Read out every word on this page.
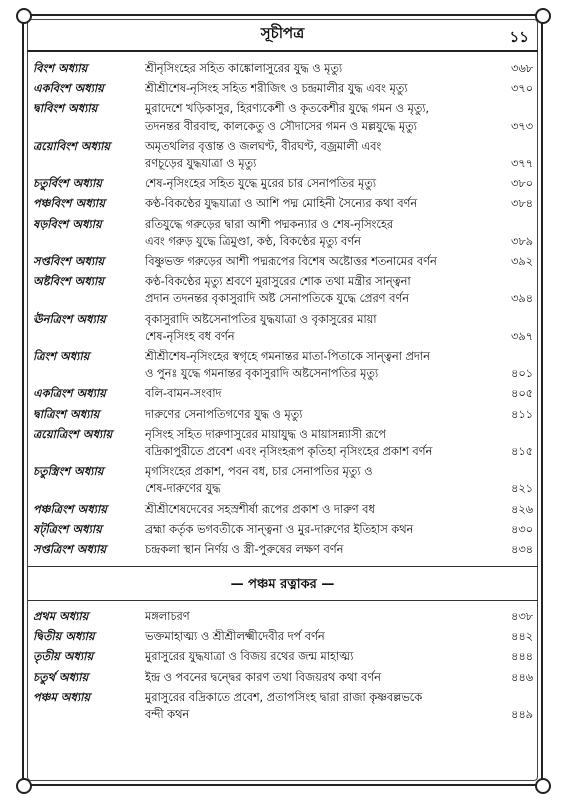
সূচীপত্র	১১
বিংশ অধ্যায়	শ্রীনৃসিংহের সহিত কাঙ্কোলাসুরের যুদ্ধ ও মৃত্যু	৩৬৮
একবিংশ অধ্যায়	শ্রীশ্রীশেষ-নৃসিংহ সহিত শরীজিৎ ও চন্দ্রমালীর যুদ্ধ এবং মৃত্যু	৩৭০
দ্বাবিংশ অধ্যায়	মুরাদেশে খড়িকাসুর, হিরণ্যকেশী ও কৃতকেশীর যুদ্ধে গমন ও মৃত্যু,
তদনন্তর বীরবাহু, কালকেতু ও সৌদাসের গমন ও মল্লযুদ্ধে মৃত্যু	৩৭৩
ত্রয়োবিংশ অধ্যায়	অমৃতথলির বৃত্তান্ত ও জলঘণ্ট, বীরঘণ্ট, বজ্রমালী এবং
রণচূড়ের যুদ্ধযাত্রা ও মৃত্যু	৩৭৭
চতুর্বিংশ অধ্যায়	শেষ-নৃসিংহের সহিত যুদ্ধে মুরের চার সেনাপতির মৃত্যু	৩৮০
পঞ্চবিংশ অধ্যায়	কণ্ঠ-বিকণ্ঠের যুদ্ধযাত্রা ও আশি পদ্ম মোহিনী সৈন্যের কথা বর্ণন	৩৮৪
ষড়বিংশ অধ্যায়	রতিযুদ্ধে গরুড়ের দ্বারা আশী পদ্মকন্যার ও শেষ-নৃসিংহের
এবং গরুড় যুদ্ধে ত্রিমুণ্ডা, কণ্ঠ, বিকণ্ঠের মৃত্যু বর্ণন	৩৮৯
সপ্তবিংশ অধ্যায়	বিষ্ণুভক্ত গরুড়ের আশী পদ্মরূপের বিশেষ অষ্টোত্তর শতনামের বর্ণন	৩৯২
অষ্টবিংশ অধ্যায়	কণ্ঠ-বিকণ্ঠের মৃত্যু শ্রবণে মুরাসুরের শোক তথা মন্ত্রীর সান্ত্বনা
প্রদান তদনন্তর বৃকাসুরাদি অষ্ট সেনাপতিকে যুদ্ধে প্রেরণ বর্ণন	৩৯৪
ঊনত্রিংশ অধ্যায়	বৃকাসুরাদি অষ্টসেনাপতির যুদ্ধযাত্রা ও বৃকাসুরের মায়া
শেষ-নৃসিংহ বধ বর্ণন	৩৯৭
ত্রিংশ অধ্যায়	শ্রীশ্রীশেষ-নৃসিংহের স্বগৃহে গমনান্তর মাতা-পিতাকে সান্ত্বনা প্রদান
ও পুনঃ যুদ্ধে গমনান্তর বৃকাসুরাদি অষ্টসেনাপতির মৃত্যু	৪০১
একত্রিংশ অধ্যায়	বলি-বামন-সংবাদ	৪০৫
দ্বাত্রিংশ অধ্যায়	দারুণের সেনাপতিগণের যুদ্ধ ও মৃত্যু	৪১১
ত্রয়োত্রিংশ অধ্যায়	নৃসিংহ সহিত দারুণাসুরের মায়াযুদ্ধ ও মায়াসন্ন্যাসী রূপে
বদ্রিকাপুরীতে প্রবেশ এবং নৃসিংহরূপ কৃতিহা নৃসিংহের প্রকাশ বর্ণন	৪১৫
চতুস্ত্রিংশ অধ্যায়	মৃগসিংহের প্রকাশ, পবন বধ, চার সেনাপতির মৃত্যু ও
শেষ-দারুণের যুদ্ধ	৪২১
পঞ্চত্রিংশ অধ্যায়	শ্রীশ্রীশেষদেবের সহস্রশীর্ষা রূপের প্রকাশ ও দারুণ বধ	৪২৬
ষট্‌ত্রিংশ অধ্যায়	ব্রহ্মা কর্তৃক ভগবতীকে সান্ত্বনা ও মুর-দারুণের ইতিহাস কথন	৪৩০
সপ্তত্রিংশ অধ্যায়	চন্দ্রকলা স্থান নির্ণয় ও স্ত্রী-পুরুষের লক্ষণ বর্ণন	৪৩৪
— পঞ্চম রত্নাকর —
প্রথম অধ্যায়	মঙ্গলাচরণ	৪৩৮
দ্বিতীয় অধ্যায়	ভক্তমাহাত্ম্য ও শ্রীশ্রীলক্ষ্মীদেবীর দর্প বর্ণন	৪৪২
তৃতীয় অধ্যায়	মুরাসুরের যুদ্ধযাত্রা ও বিজয় রথের জন্ম মাহাত্ম্য	৪৪৪
চতুর্থ অধ্যায়	ইন্দ্র ও পবনের দ্বন্দ্বের কারণ তথা বিজয়রথ কথা বর্ণন	৪৪৬
পঞ্চম অধ্যায়	মুরাসুরের বদ্রিকাতে প্রবেশ, প্রতাপসিংহ দ্বারা রাজা কৃষ্ণবল্লভকে
বন্দী কথন	৪৪৯
